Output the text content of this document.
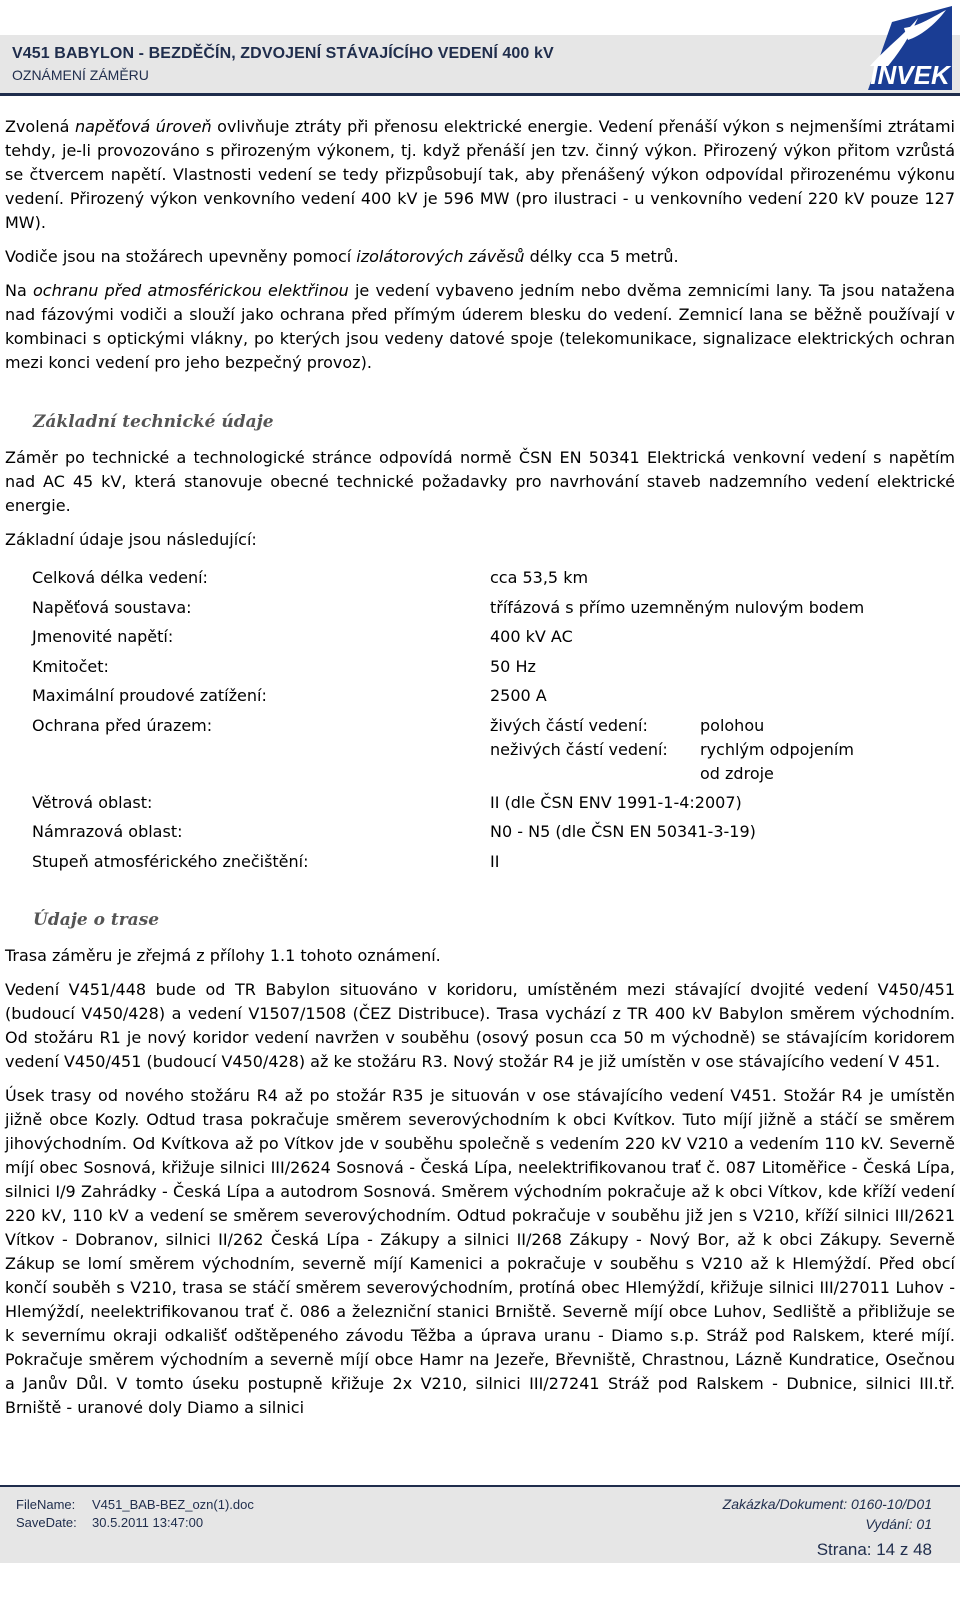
V451 BABYLON - BEZDĚČÍN, ZDVOJENÍ STÁVAJÍCÍHO VEDENÍ 400 kV
OZNÁMENÍ ZÁMĚRU	INVEK

Zvolená napěťová úroveň ovlivňuje ztráty při přenosu elektrické energie. Vedení přenáší výkon s nejmenšími ztrátami tehdy, je-li provozováno s přirozeným výkonem, tj. když přenáší jen tzv. činný výkon. Přirozený výkon přitom vzrůstá se čtvercem napětí. Vlastnosti vedení se tedy přizpůsobují tak, aby přenášený výkon odpovídal přirozenému výkonu vedení. Přirozený výkon venkovního vedení 400 kV je 596 MW (pro ilustraci - u venkovního vedení 220 kV pouze 127 MW).

Vodiče jsou na stožárech upevněny pomocí izolátorových závěsů délky cca 5 metrů.

Na ochranu před atmosférickou elektřinou je vedení vybaveno jedním nebo dvěma zemnicími lany. Ta jsou natažena nad fázovými vodiči a slouží jako ochrana před přímým úderem blesku do vedení. Zemnicí lana se běžně používají v kombinaci s optickými vlákny, po kterých jsou vedeny datové spoje (telekomunikace, signalizace elektrických ochran mezi konci vedení pro jeho bezpečný provoz).

Základní technické údaje

Záměr po technické a technologické stránce odpovídá normě ČSN EN 50341 Elektrická venkovní vedení s napětím nad AC 45 kV, která stanovuje obecné technické požadavky pro navrhování staveb nadzemního vedení elektrické energie.

Základní údaje jsou následující:

Celková délka vedení:	cca 53,5 km
Napěťová soustava:	třífázová s přímo uzemněným nulovým bodem
Jmenovité napětí:	400 kV AC
Kmitočet:	50 Hz
Maximální proudové zatížení:	2500 A
Ochrana před úrazem:	živých částí vedení:	polohou
neživých částí vedení: rychlým odpojením
od zdroje
Větrová oblast:	II (dle ČSN ENV 1991-1-4:2007)
Námrazová oblast:	N0 - N5 (dle ČSN EN 50341-3-19)
Stupeň atmosférického znečištění:	II

Údaje o trase

Trasa záměru je zřejmá z přílohy 1.1 tohoto oznámení.

Vedení V451/448 bude od TR Babylon situováno v koridoru, umístěném mezi stávající dvojité vedení V450/451 (budoucí V450/428) a vedení V1507/1508 (ČEZ Distribuce). Trasa vychází z TR 400 kV Babylon směrem východním. Od stožáru R1 je nový koridor vedení navržen v souběhu (osový posun cca 50 m východně) se stávajícím koridorem vedení V450/451 (budoucí V450/428) až ke stožáru R3. Nový stožár R4 je již umístěn v ose stávajícího vedení V 451.

Úsek trasy od nového stožáru R4 až po stožár R35 je situován v ose stávajícího vedení V451. Stožár R4 je umístěn jižně obce Kozly. Odtud trasa pokračuje směrem severovýchodním k obci Kvítkov. Tuto míjí jižně a stáčí se směrem jihovýchodním. Od Kvítkova až po Vítkov jde v souběhu společně s vedením 220 kV V210 a vedením 110 kV. Severně míjí obec Sosnová, křižuje silnici III/2624 Sosnová - Česká Lípa, neelektrifikovanou trať č. 087 Litoměřice - Česká Lípa, silnici I/9 Zahrádky - Česká Lípa a autodrom Sosnová. Směrem východním pokračuje až k obci Vítkov, kde kříží vedení 220 kV, 110 kV a vedení se směrem severovýchodním. Odtud pokračuje v souběhu již jen s V210, kříží silnici III/2621 Vítkov - Dobranov, silnici II/262 Česká Lípa - Zákupy a silnici II/268 Zákupy - Nový Bor, až k obci Zákupy. Severně Zákup se lomí směrem východním, severně míjí Kamenici a pokračuje v souběhu s V210 až k Hlemýždí. Před obcí končí souběh s V210, trasa se stáčí směrem severovýchodním, protíná obec Hlemýždí, křižuje silnici III/27011 Luhov - Hlemýždí, neelektrifikovanou trať č. 086 a železniční stanici Brniště. Severně míjí obce Luhov, Sedliště a přibližuje se k severnímu okraji odkališť odštěpeného závodu Těžba a úprava uranu - Diamo s.p. Stráž pod Ralskem, které míjí. Pokračuje směrem východním a severně míjí obce Hamr na Jezeře, Břevniště, Chrastnou, Lázně Kundratice, Osečnou a Janův Důl. V tomto úseku postupně křižuje 2x V210, silnici III/27241 Stráž pod Ralskem - Dubnice, silnici III.tř. Brniště - uranové doly Diamo a silnici

FileName: V451_BAB-BEZ_ozn(1).doc
SaveDate: 30.5.2011 13:47:00
Zakázka/Dokument: 0160-10/D01
Vydání: 01
Strana: 14 z 48
